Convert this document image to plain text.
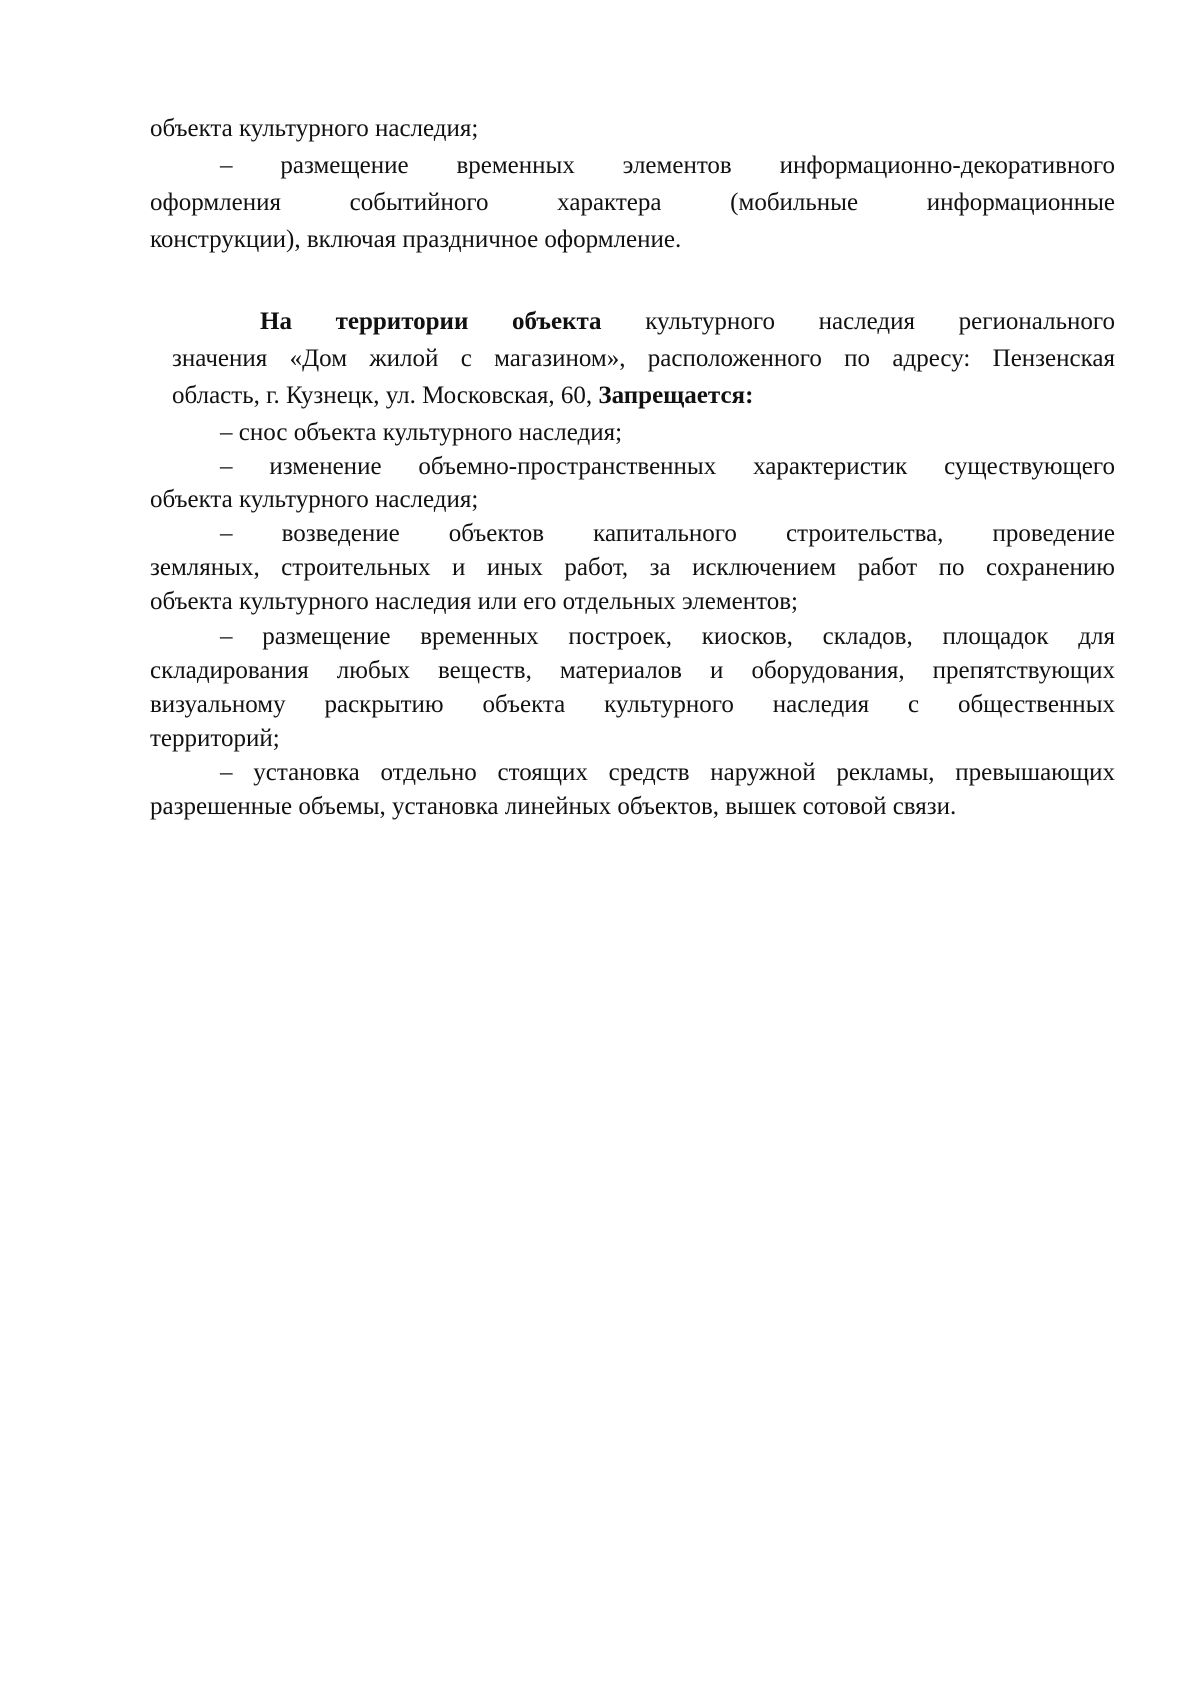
объекта культурного наследия;
– размещение временных элементов информационно-декоративного
оформления событийного характера (мобильные информационные
конструкции), включая праздничное оформление.
На территории объекта культурного наследия регионального
значения «Дом жилой с магазином», расположенного по адресу: Пензенская
область, г. Кузнецк, ул. Московская, 60, Запрещается:
– снос объекта культурного наследия;
– изменение объемно-пространственных характеристик существующего
объекта культурного наследия;
– возведение объектов капитального строительства, проведение
земляных, строительных и иных работ, за исключением работ по сохранению
объекта культурного наследия или его отдельных элементов;
– размещение временных построек, киосков, складов, площадок для
складирования любых веществ, материалов и оборудования, препятствующих
визуальному раскрытию объекта культурного наследия с общественных
территорий;
– установка отдельно стоящих средств наружной рекламы, превышающих
разрешенные объемы, установка линейных объектов, вышек сотовой связи.
